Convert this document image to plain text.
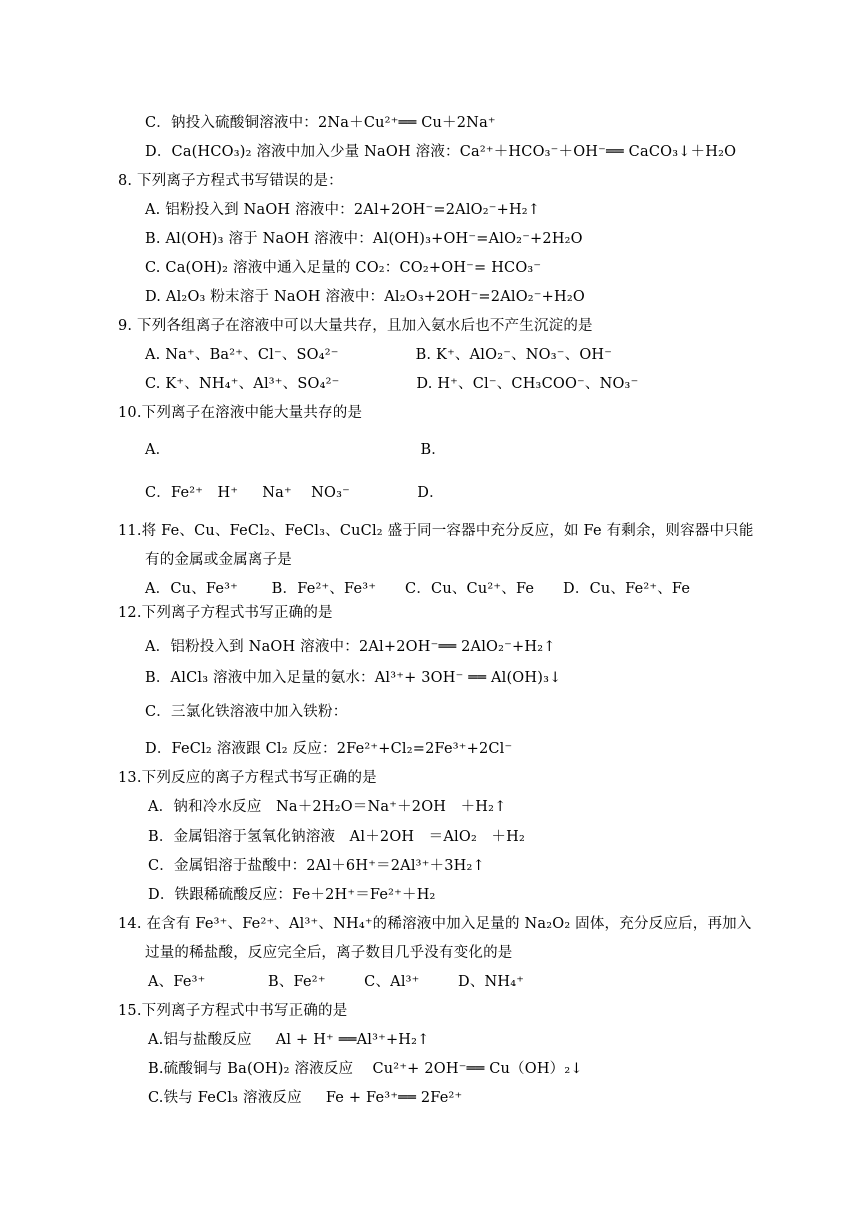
C．钠投入硫酸铜溶液中：2Na＋Cu²⁺══ Cu＋2Na⁺
D．Ca(HCO₃)₂ 溶液中加入少量 NaOH 溶液：Ca²⁺＋HCO₃⁻＋OH⁻══ CaCO₃↓＋H₂O
8. 下列离子方程式书写错误的是：
A. 铝粉投入到 NaOH 溶液中：2Al+2OH⁻=2AlO₂⁻+H₂↑
B. Al(OH)₃ 溶于 NaOH 溶液中：Al(OH)₃+OH⁻=AlO₂⁻+2H₂O
C. Ca(OH)₂ 溶液中通入足量的 CO₂：CO₂+OH⁻= HCO₃⁻
D. Al₂O₃ 粉末溶于 NaOH 溶液中：Al₂O₃+2OH⁻=2AlO₂⁻+H₂O
9. 下列各组离子在溶液中可以大量共存，且加入氨水后也不产生沉淀的是
A. Na⁺、Ba²⁺、Cl⁻、SO₄²⁻                B. K⁺、AlO₂⁻、NO₃⁻、OH⁻
C. K⁺、NH₄⁺、Al³⁺、SO₄²⁻                D. H⁺、Cl⁻、CH₃COO⁻、NO₃⁻
10.下列离子在溶液中能大量共存的是
A．                                                    B．
C．Fe²⁺   H⁺     Na⁺    NO₃⁻              D．
11.将 Fe、Cu、FeCl₂、FeCl₃、CuCl₂ 盛于同一容器中充分反应，如 Fe 有剩余，则容器中只能
有的金属或金属离子是
A．Cu、Fe³⁺       B．Fe²⁺、Fe³⁺      C．Cu、Cu²⁺、Fe      D．Cu、Fe²⁺、Fe
12.下列离子方程式书写正确的是
A．铝粉投入到 NaOH 溶液中：2Al+2OH⁻══ 2AlO₂⁻+H₂↑
B．AlCl₃ 溶液中加入足量的氨水：Al³⁺+ 3OH⁻ ══ Al(OH)₃↓
C．三氯化铁溶液中加入铁粉：
D．FeCl₂ 溶液跟 Cl₂ 反应：2Fe²⁺+Cl₂=2Fe³⁺+2Cl⁻
13.下列反应的离子方程式书写正确的是
A．钠和冷水反应   Na＋2H₂O＝Na⁺＋2OH   ＋H₂↑
B．金属铝溶于氢氧化钠溶液   Al＋2OH   ＝AlO₂   ＋H₂
C．金属铝溶于盐酸中：2Al＋6H⁺＝2Al³⁺＋3H₂↑
D．铁跟稀硫酸反应：Fe＋2H⁺＝Fe²⁺＋H₂
14. 在含有 Fe³⁺、Fe²⁺、Al³⁺、NH₄⁺的稀溶液中加入足量的 Na₂O₂ 固体，充分反应后，再加入
过量的稀盐酸，反应完全后，离子数目几乎没有变化的是
A、Fe³⁺             B、Fe²⁺        C、Al³⁺        D、NH₄⁺
15.下列离子方程式中书写正确的是
A.铝与盐酸反应     Al + H⁺ ══Al³⁺+H₂↑
B.硫酸铜与 Ba(OH)₂ 溶液反应    Cu²⁺+ 2OH⁻══ Cu（OH）₂↓
C.铁与 FeCl₃ 溶液反应     Fe + Fe³⁺══ 2Fe²⁺
